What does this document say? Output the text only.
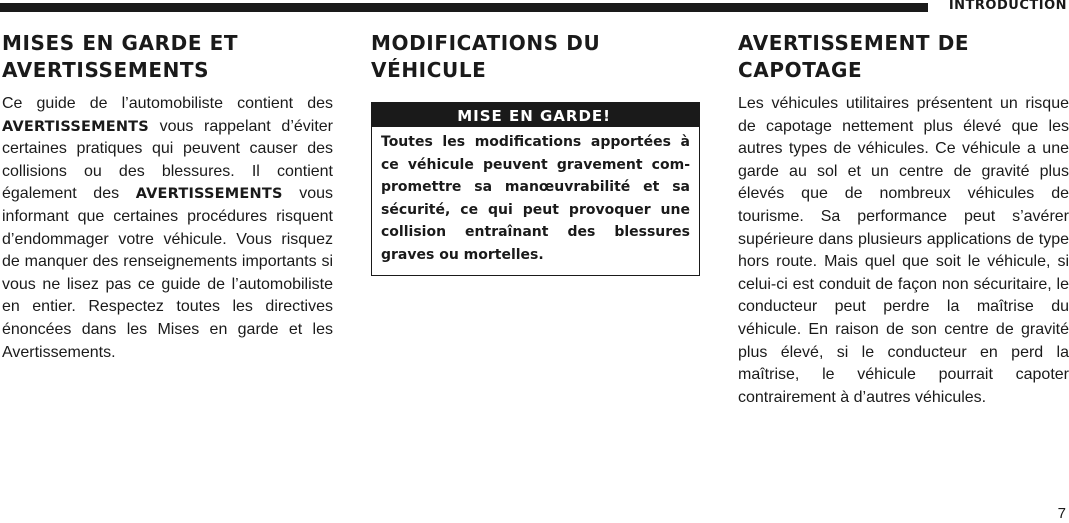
INTRODUCTION
MISES EN GARDE ET AVERTISSEMENTS

Ce guide de l’automobiliste contient des AVERTISSEMENTS vous rappelant d’éviter certaines pratiques qui peuvent causer des collisions ou des blessures. Il contient également des AVERTISSEMENTS vous informant que certaines procédures risquent d’endommager votre véhicule. Vous risquez de manquer des renseignements importants si vous ne lisez pas ce guide de l’automobiliste en entier. Respectez toutes les directives énoncées dans les Mises en garde et les Avertissements.

MODIFICATIONS DU VÉHICULE
MISE EN GARDE!
Toutes les modifications apportées à ce véhicule peuvent gravement compromettre sa manœuvrabilité et sa sécurité, ce qui peut provoquer une collision entraînant des blessures graves ou mortelles.
AVERTISSEMENT DE CAPOTAGE

Les véhicules utilitaires présentent un risque de capotage nettement plus élevé que les autres types de véhicules. Ce véhicule a une garde au sol et un centre de gravité plus élevés que de nombreux véhicules de tourisme. Sa performance peut s’avérer supérieure dans plusieurs applications de type hors route. Mais quel que soit le véhicule, si celui-ci est conduit de façon non sécuritaire, le conducteur peut perdre la maîtrise du véhicule. En raison de son centre de gravité plus élevé, si le conducteur en perd la maîtrise, le véhicule pourrait capoter contrairement à d’autres véhicules.

7
